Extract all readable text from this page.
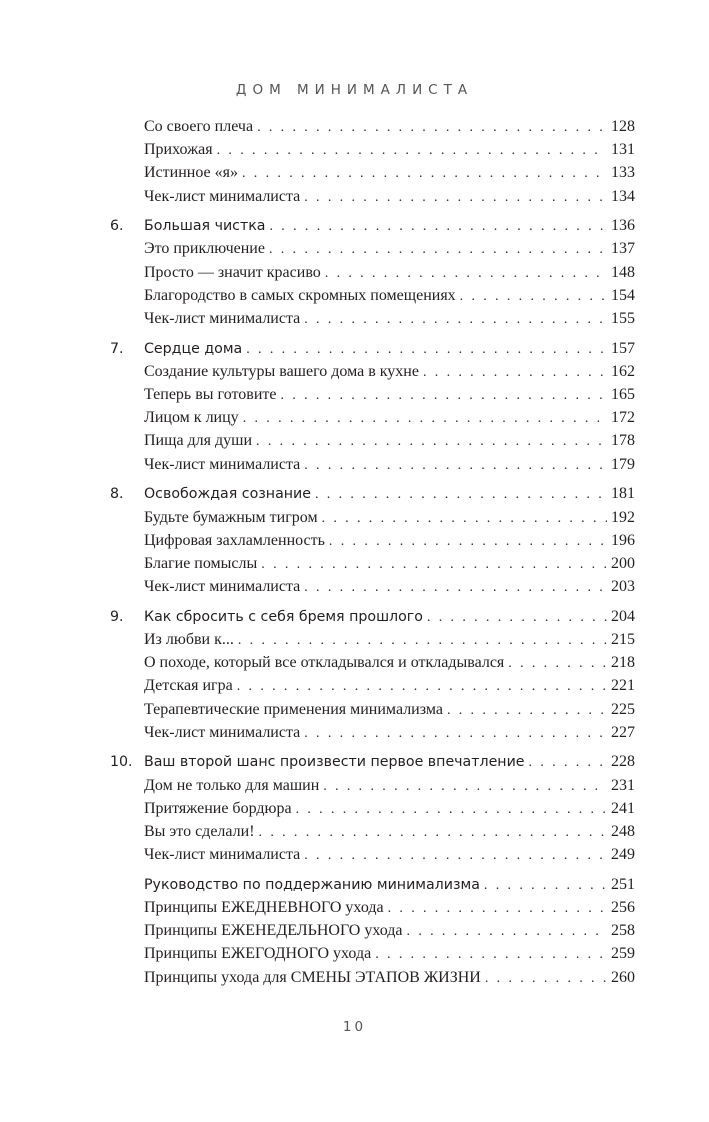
ДОМ МИНИМАЛИСТА
Со своего плеча . . .	128
Прихожая . . .	131
Истинное «я» . . .	133
Чек-лист минималиста . . .	134
6.	Большая чистка . . .	136
Это приключение . . .	137
Просто — значит красиво . . .	148
Благородство в самых скромных помещениях . . .	154
Чек-лист минималиста . . .	155
7.	Сердце дома . . .	157
Создание культуры вашего дома в кухне . . .	162
Теперь вы готовите . . .	165
Лицом к лицу . . .	172
Пища для души . . .	178
Чек-лист минималиста . . .	179
8.	Освобождая сознание . . .	181
Будьте бумажным тигром . . .	192
Цифровая захламленность . . .	196
Благие помыслы . . .	200
Чек-лист минималиста . . .	203
9.	Как сбросить с себя бремя прошлого . . .	204
Из любви к... . . .	215
О походе, который все откладывался и откладывался . . .	218
Детская игра . . .	221
Терапевтические применения минимализма . . .	225
Чек-лист минималиста . . .	227
10. Ваш второй шанс произвести первое впечатление . . .	228
Дом не только для машин . . .	231
Притяжение бордюра . . .	241
Вы это сделали! . . .	248
Чек-лист минималиста . . .	249
Руководство по поддержанию минимализма . . .	251
Принципы ЕЖЕДНЕВНОГО ухода . . .	256
Принципы ЕЖЕНЕДЕЛЬНОГО ухода . . .	258
Принципы ЕЖЕГОДНОГО ухода . . .	259
Принципы ухода для СМЕНЫ ЭТАПОВ ЖИЗНИ . . .	260
10
